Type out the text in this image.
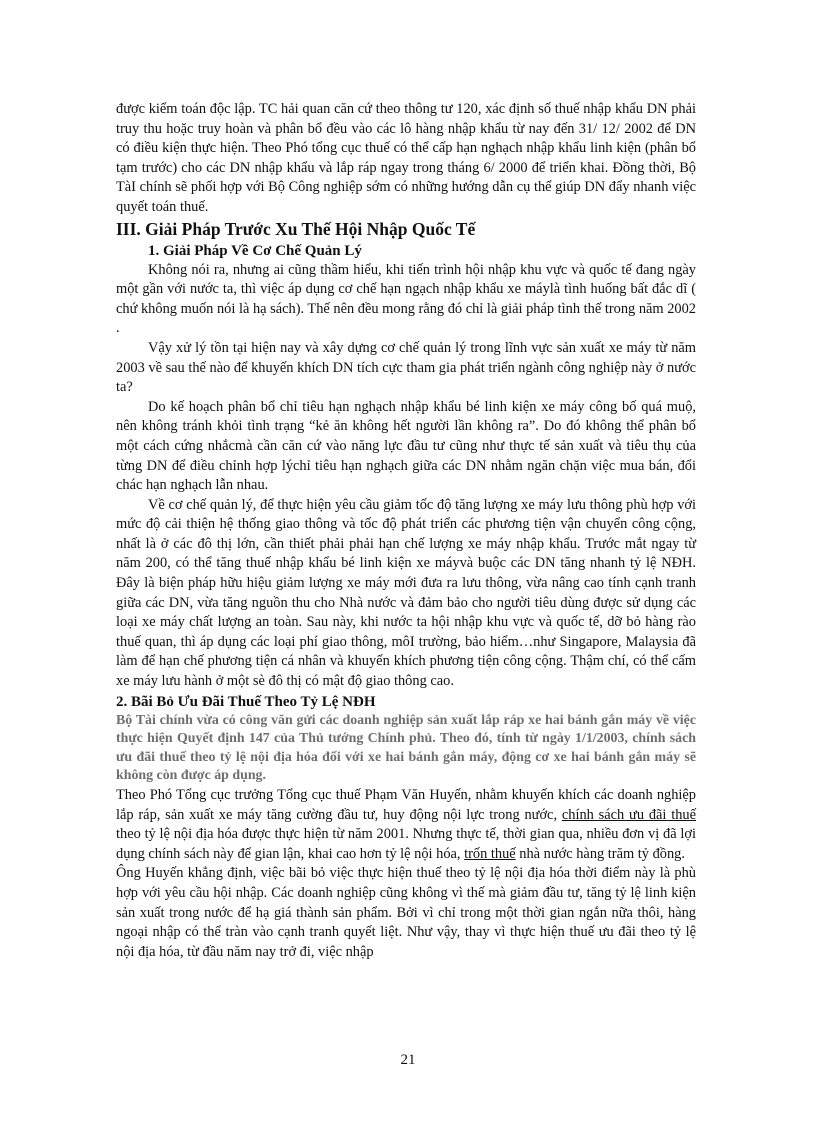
được kiểm toán độc lập. TC hải quan căn cứ theo thông tư 120, xác định số thuế nhập khẩu DN phải truy thu hoặc truy hoàn và phân bổ đều vào các lô hàng nhập khẩu từ nay đến 31/ 12/ 2002 để DN có điều kiện thực hiện. Theo Phó tổng cục thuế có thể cấp hạn nghạch nhập khẩu linh kiện (phân bổ tạm trước) cho các DN nhập khẩu và lắp ráp ngay trong tháng 6/ 2000 để triển khai. Đồng thời, Bộ TàI chính sẽ phối hợp với Bộ Công nghiệp sớm có những hướng dẫn cụ thể giúp DN đẩy nhanh việc quyết toán thuế.

III. Giải Pháp Trước Xu Thế Hội Nhập Quốc Tế
1. Giải Pháp Về Cơ Chế Quản Lý

Không nói ra, nhưng ai cũng thầm hiểu, khi tiến trình hội nhập khu vực và quốc tế đang ngày một gần với nước ta, thì việc áp dụng cơ chế hạn ngạch nhập khẩu xe máylà tình huống bất đắc dĩ ( chứ không muốn nói là hạ sách). Thế nên đều mong rằng đó chỉ là giải pháp tình thế trong năm 2002 .

Vậy xử lý tồn tại hiện nay và xây dựng cơ chế quản lý trong lĩnh vực sản xuất xe máy từ năm 2003 về sau thế nào để khuyến khích DN tích cực tham gia phát triển ngành công nghiệp này ở nước ta?

Do kế hoạch phân bổ chỉ tiêu hạn nghạch nhập khẩu bé linh kiện xe máy công bố quá muộ, nên không tránh khỏi tình trạng “kẻ ăn không hết người lần không ra”. Do đó không thể phân bổ một cách cứng nhắcmà cần căn cứ vào năng lực đầu tư cũng như thực tế sản xuất và tiêu thụ của từng DN để điều chỉnh hợp lýchỉ tiêu hạn nghạch giữa các DN nhằm ngăn chặn việc mua bán, đổi chác hạn nghạch lẫn nhau.

Về cơ chế quản lý, để thực hiện yêu cầu giảm tốc độ tăng lượng xe máy lưu thông phù hợp với mức độ cải thiện hệ thống giao thông và tốc độ phát triển các phương tiện vận chuyển công cộng, nhất là ở các đô thị lớn, cần thiết phải phải hạn chế lượng xe máy nhập khẩu. Trước mắt ngay từ năm 200, có thể tăng thuế nhập khẩu bé linh kiện xe máyvà buộc các DN tăng nhanh tỷ lệ NĐH. Đây là biện pháp hữu hiệu giảm lượng xe máy mới đưa ra lưu thông, vừa nâng cao tính cạnh tranh giữa các DN, vừa tăng nguồn thu cho Nhà nước và đảm bảo cho người tiêu dùng được sử dụng các loại xe máy chất lượng an toàn. Sau này, khi nước ta hội nhập khu vực và quốc tế, dỡ bỏ hàng rào thuế quan, thì áp dụng các loại phí giao thông, môI trường, bảo hiểm…như Singapore, Malaysia đã làm để hạn chế phương tiện cá nhân và khuyến khích phương tiện công cộng. Thậm chí, có thể cấm xe máy lưu hành ở một sè đô thị có mật độ giao thông cao.

2. Bãi Bỏ Ưu Đãi Thuế Theo Tỷ Lệ NĐH

Bộ Tài chính vừa có công văn gửi các doanh nghiệp sản xuất lắp ráp xe hai bánh gắn máy về việc thực hiện Quyết định 147 của Thủ tướng Chính phủ. Theo đó, tính từ ngày 1/1/2003, chính sách ưu đãi thuế theo tỷ lệ nội địa hóa đối với xe hai bánh gắn máy, động cơ xe hai bánh gắn máy sẽ không còn được áp dụng.

Theo Phó Tổng cục trưởng Tổng cục thuế Phạm Văn Huyến, nhằm khuyến khích các doanh nghiệp lắp ráp, sản xuất xe máy tăng cường đầu tư, huy động nội lực trong nước, chính sách ưu đãi thuế theo tỷ lệ nội địa hóa được thực hiện từ năm 2001. Nhưng thực tế, thời gian qua, nhiều đơn vị đã lợi dụng chính sách này để gian lận, khai cao hơn tỷ lệ nội hóa, trốn thuế nhà nước hàng trăm tỷ đồng.

Ông Huyến khẳng định, việc bãi bỏ việc thực hiện thuế theo tỷ lệ nội địa hóa thời điểm này là phù hợp với yêu cầu hội nhập. Các doanh nghiệp cũng không vì thế mà giảm đầu tư, tăng tỷ lệ linh kiện sản xuất trong nước để hạ giá thành sản phẩm. Bởi vì chỉ trong một thời gian ngắn nữa thôi, hàng ngoại nhập có thể tràn vào cạnh tranh quyết liệt. Như vậy, thay vì thực hiện thuế ưu đãi theo tỷ lệ nội địa hóa, từ đầu năm nay trở đi, việc nhập

21
